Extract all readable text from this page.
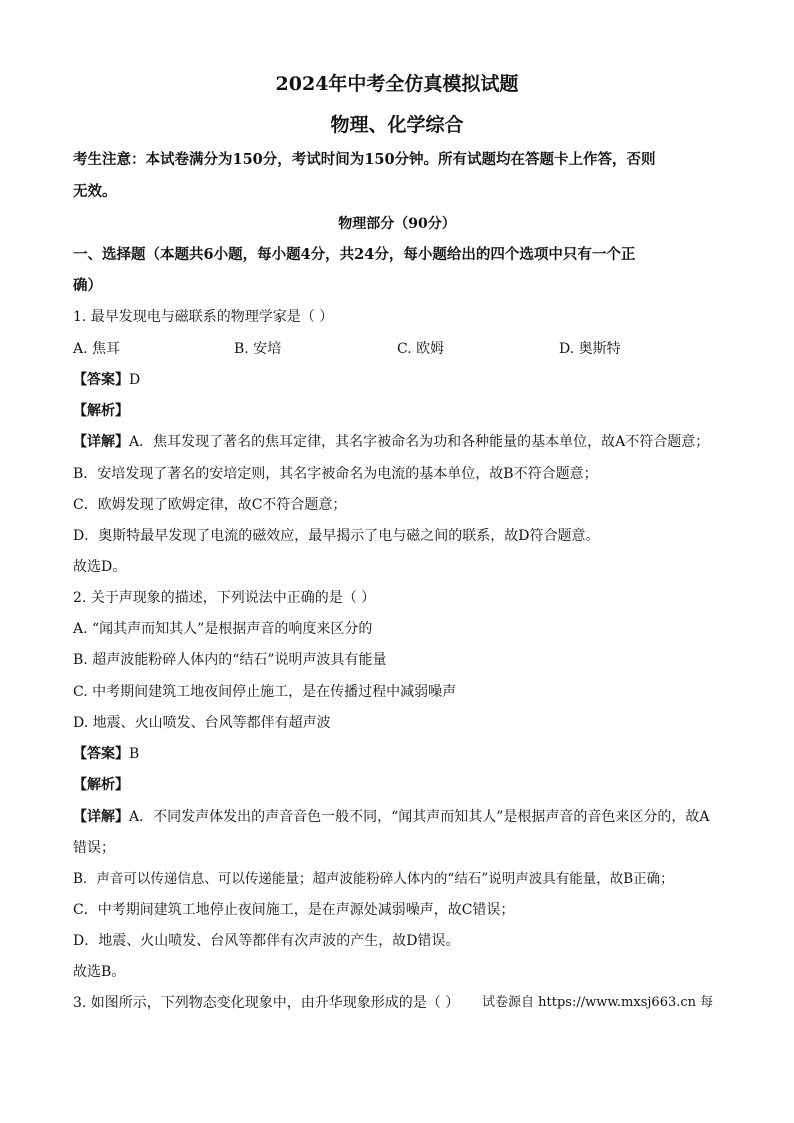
2024年中考全仿真模拟试题
物理、化学综合
考生注意：本试卷满分为150分，考试时间为150分钟。所有试题均在答题卡上作答，否则
无效。
物理部分（90分）
一、选择题（本题共6小题，每小题4分，共24分，每小题给出的四个选项中只有一个正
确）
1. 最早发现电与磁联系的物理学家是（ ）
A. 焦耳	B. 安培	C. 欧姆	D. 奥斯特
【答案】D
【解析】
【详解】A．焦耳发现了著名的焦耳定律，其名字被命名为功和各种能量的基本单位，故A不符合题意；
B．安培发现了著名的安培定则，其名字被命名为电流的基本单位，故B不符合题意；
C．欧姆发现了欧姆定律，故C不符合题意；
D．奥斯特最早发现了电流的磁效应，最早揭示了电与磁之间的联系，故D符合题意。
故选D。
2. 关于声现象的描述，下列说法中正确的是（ ）
A. “闻其声而知其人”是根据声音的响度来区分的
B. 超声波能粉碎人体内的“结石”说明声波具有能量
C. 中考期间建筑工地夜间停止施工，是在传播过程中减弱噪声
D. 地震、火山喷发、台风等都伴有超声波
【答案】B
【解析】
【详解】A．不同发声体发出的声音音色一般不同，“闻其声而知其人”是根据声音的音色来区分的，故A
错误；
B．声音可以传递信息、可以传递能量；超声波能粉碎人体内的“结石”说明声波具有能量，故B正确；
C．中考期间建筑工地停止夜间施工，是在声源处减弱噪声，故C错误；
D．地震、火山喷发、台风等都伴有次声波的产生，故D错误。
故选B。
3. 如图所示，下列物态变化现象中，由升华现象形成的是（ ） 试卷源自 https://www.mxsj663.cn 每
